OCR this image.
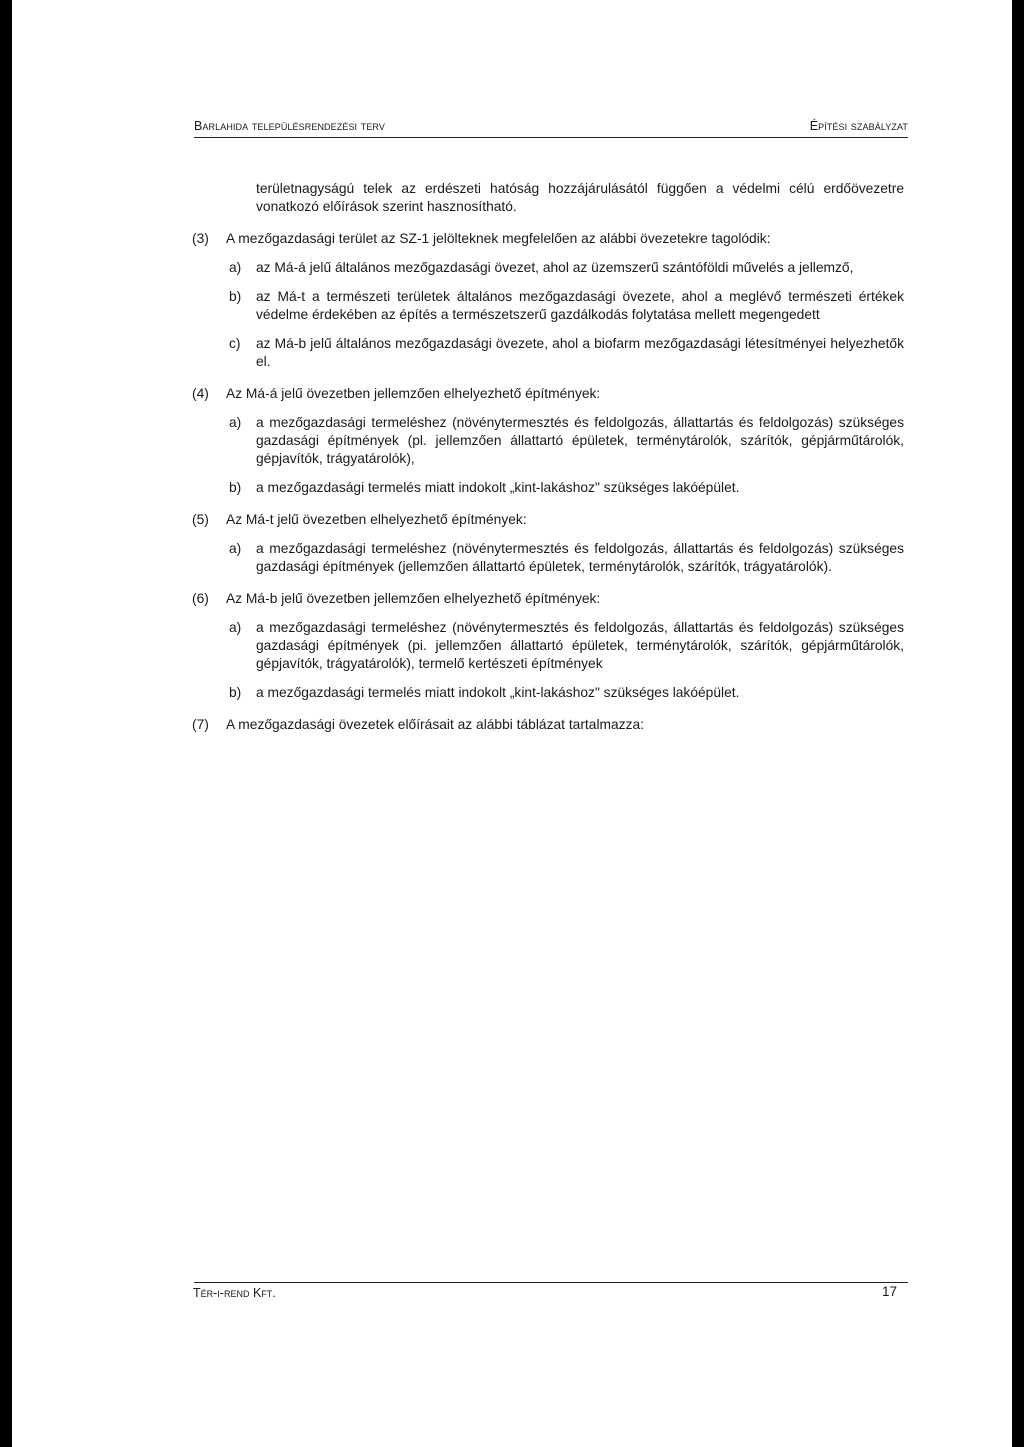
Barlahida településrendezési terv	Építési szabályzat
területnagyságú telek az erdészeti hatóság hozzájárulásától függően a védelmi célú erdőövezetre vonatkozó előírások szerint hasznosítható.
(3) A mezőgazdasági terület az SZ-1 jelölteknek megfelelően az alábbi övezetekre tagolódik:
a) az Má-á jelű általános mezőgazdasági övezet, ahol az üzemszerű szántóföldi művelés a jellemző,
b) az Má-t a természeti területek általános mezőgazdasági övezete, ahol a meglévő természeti értékek védelme érdekében az építés a természetszerű gazdálkodás folytatása mellett megengedett
c) az Má-b jelű általános mezőgazdasági övezete, ahol a biofarm mezőgazdasági létesítményei helyezhetők el.
(4) Az Má-á jelű övezetben jellemzően elhelyezhető építmények:
a) a mezőgazdasági termeléshez (növénytermesztés és feldolgozás, állattartás és feldolgozás) szükséges gazdasági építmények (pl. jellemzően állattartó épületek, terménytárolók, szárítók, gépjárműtárolók, gépjavítók, trágyatárolók),
b) a mezőgazdasági termelés miatt indokolt „kint-lakáshoz" szükséges lakóépület.
(5) Az Má-t jelű övezetben elhelyezhető építmények:
a) a mezőgazdasági termeléshez (növénytermesztés és feldolgozás, állattartás és feldolgozás) szükséges gazdasági építmények (jellemzően állattartó épületek, terménytárolók, szárítók, trágyatárolók).
(6) Az Má-b jelű övezetben jellemzően elhelyezhető építmények:
a) a mezőgazdasági termeléshez (növénytermesztés és feldolgozás, állattartás és feldolgozás) szükséges gazdasági építmények (pi. jellemzően állattartó épületek, terménytárolók, szárítók, gépjárműtárolók, gépjavítók, trágyatárolók), termelő kertészeti építmények
b) a mezőgazdasági termelés miatt indokolt „kint-lakáshoz" szükséges lakóépület.
(7) A mezőgazdasági övezetek előírásait az alábbi táblázat tartalmazza:
Tér-i-rend Kft.	17
